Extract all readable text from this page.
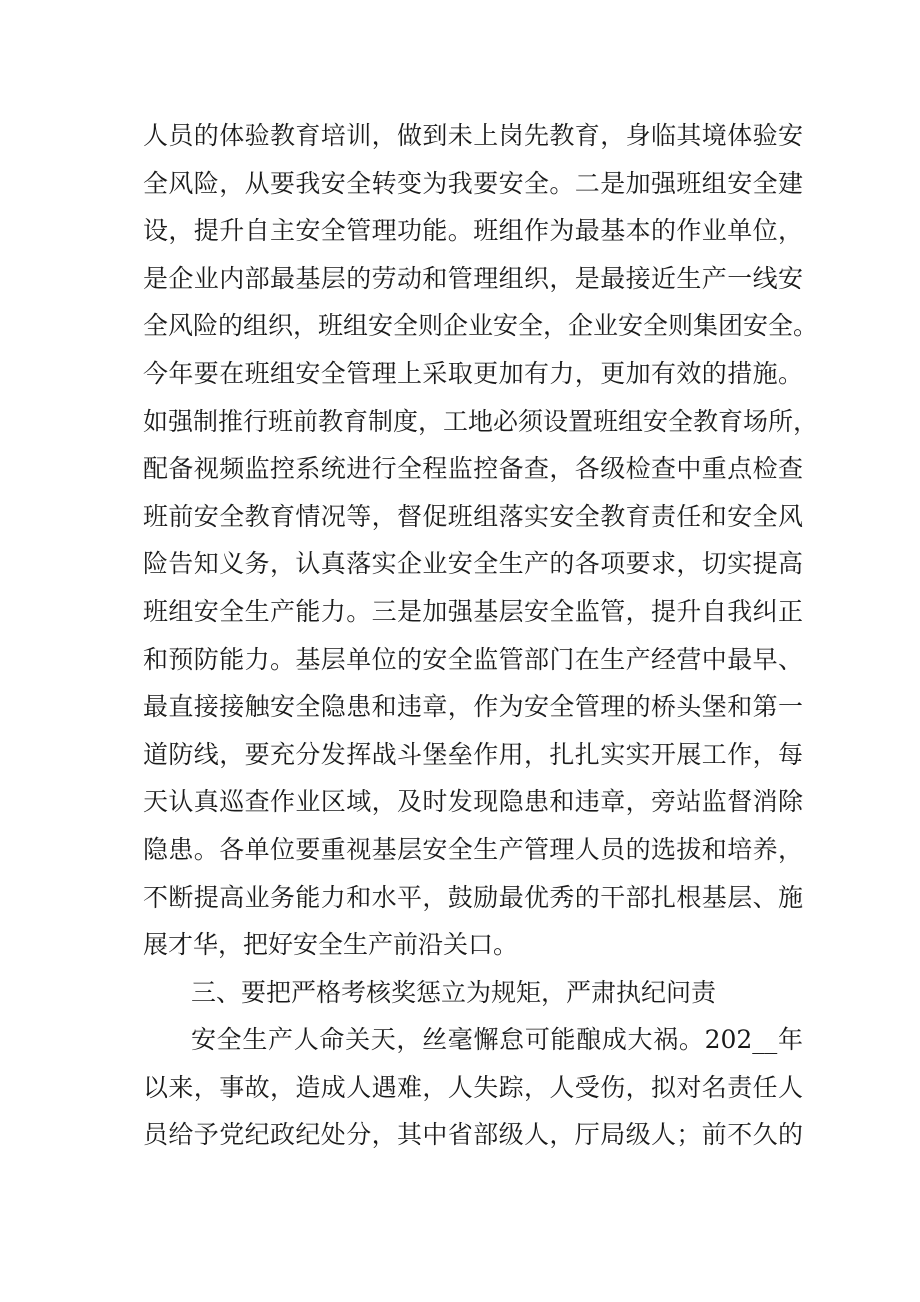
人员的体验教育培训，做到未上岗先教育，身临其境体验安
全风险，从要我安全转变为我要安全。二是加强班组安全建
设，提升自主安全管理功能。班组作为最基本的作业单位，
是企业内部最基层的劳动和管理组织，是最接近生产一线安
全风险的组织，班组安全则企业安全，企业安全则集团安全。
今年要在班组安全管理上采取更加有力，更加有效的措施。
如强制推行班前教育制度，工地必须设置班组安全教育场所，
配备视频监控系统进行全程监控备查，各级检查中重点检查
班前安全教育情况等，督促班组落实安全教育责任和安全风
险告知义务，认真落实企业安全生产的各项要求，切实提高
班组安全生产能力。三是加强基层安全监管，提升自我纠正
和预防能力。基层单位的安全监管部门在生产经营中最早、
最直接接触安全隐患和违章，作为安全管理的桥头堡和第一
道防线，要充分发挥战斗堡垒作用，扎扎实实开展工作，每
天认真巡查作业区域，及时发现隐患和违章，旁站监督消除
隐患。各单位要重视基层安全生产管理人员的选拔和培养，
不断提高业务能力和水平，鼓励最优秀的干部扎根基层、施
展才华，把好安全生产前沿关口。
三、要把严格考核奖惩立为规矩，严肃执纪问责
安全生产人命关天，丝毫懈怠可能酿成大祸。202__年
以来，事故，造成人遇难，人失踪，人受伤，拟对名责任人
员给予党纪政纪处分，其中省部级人，厅局级人；前不久的
